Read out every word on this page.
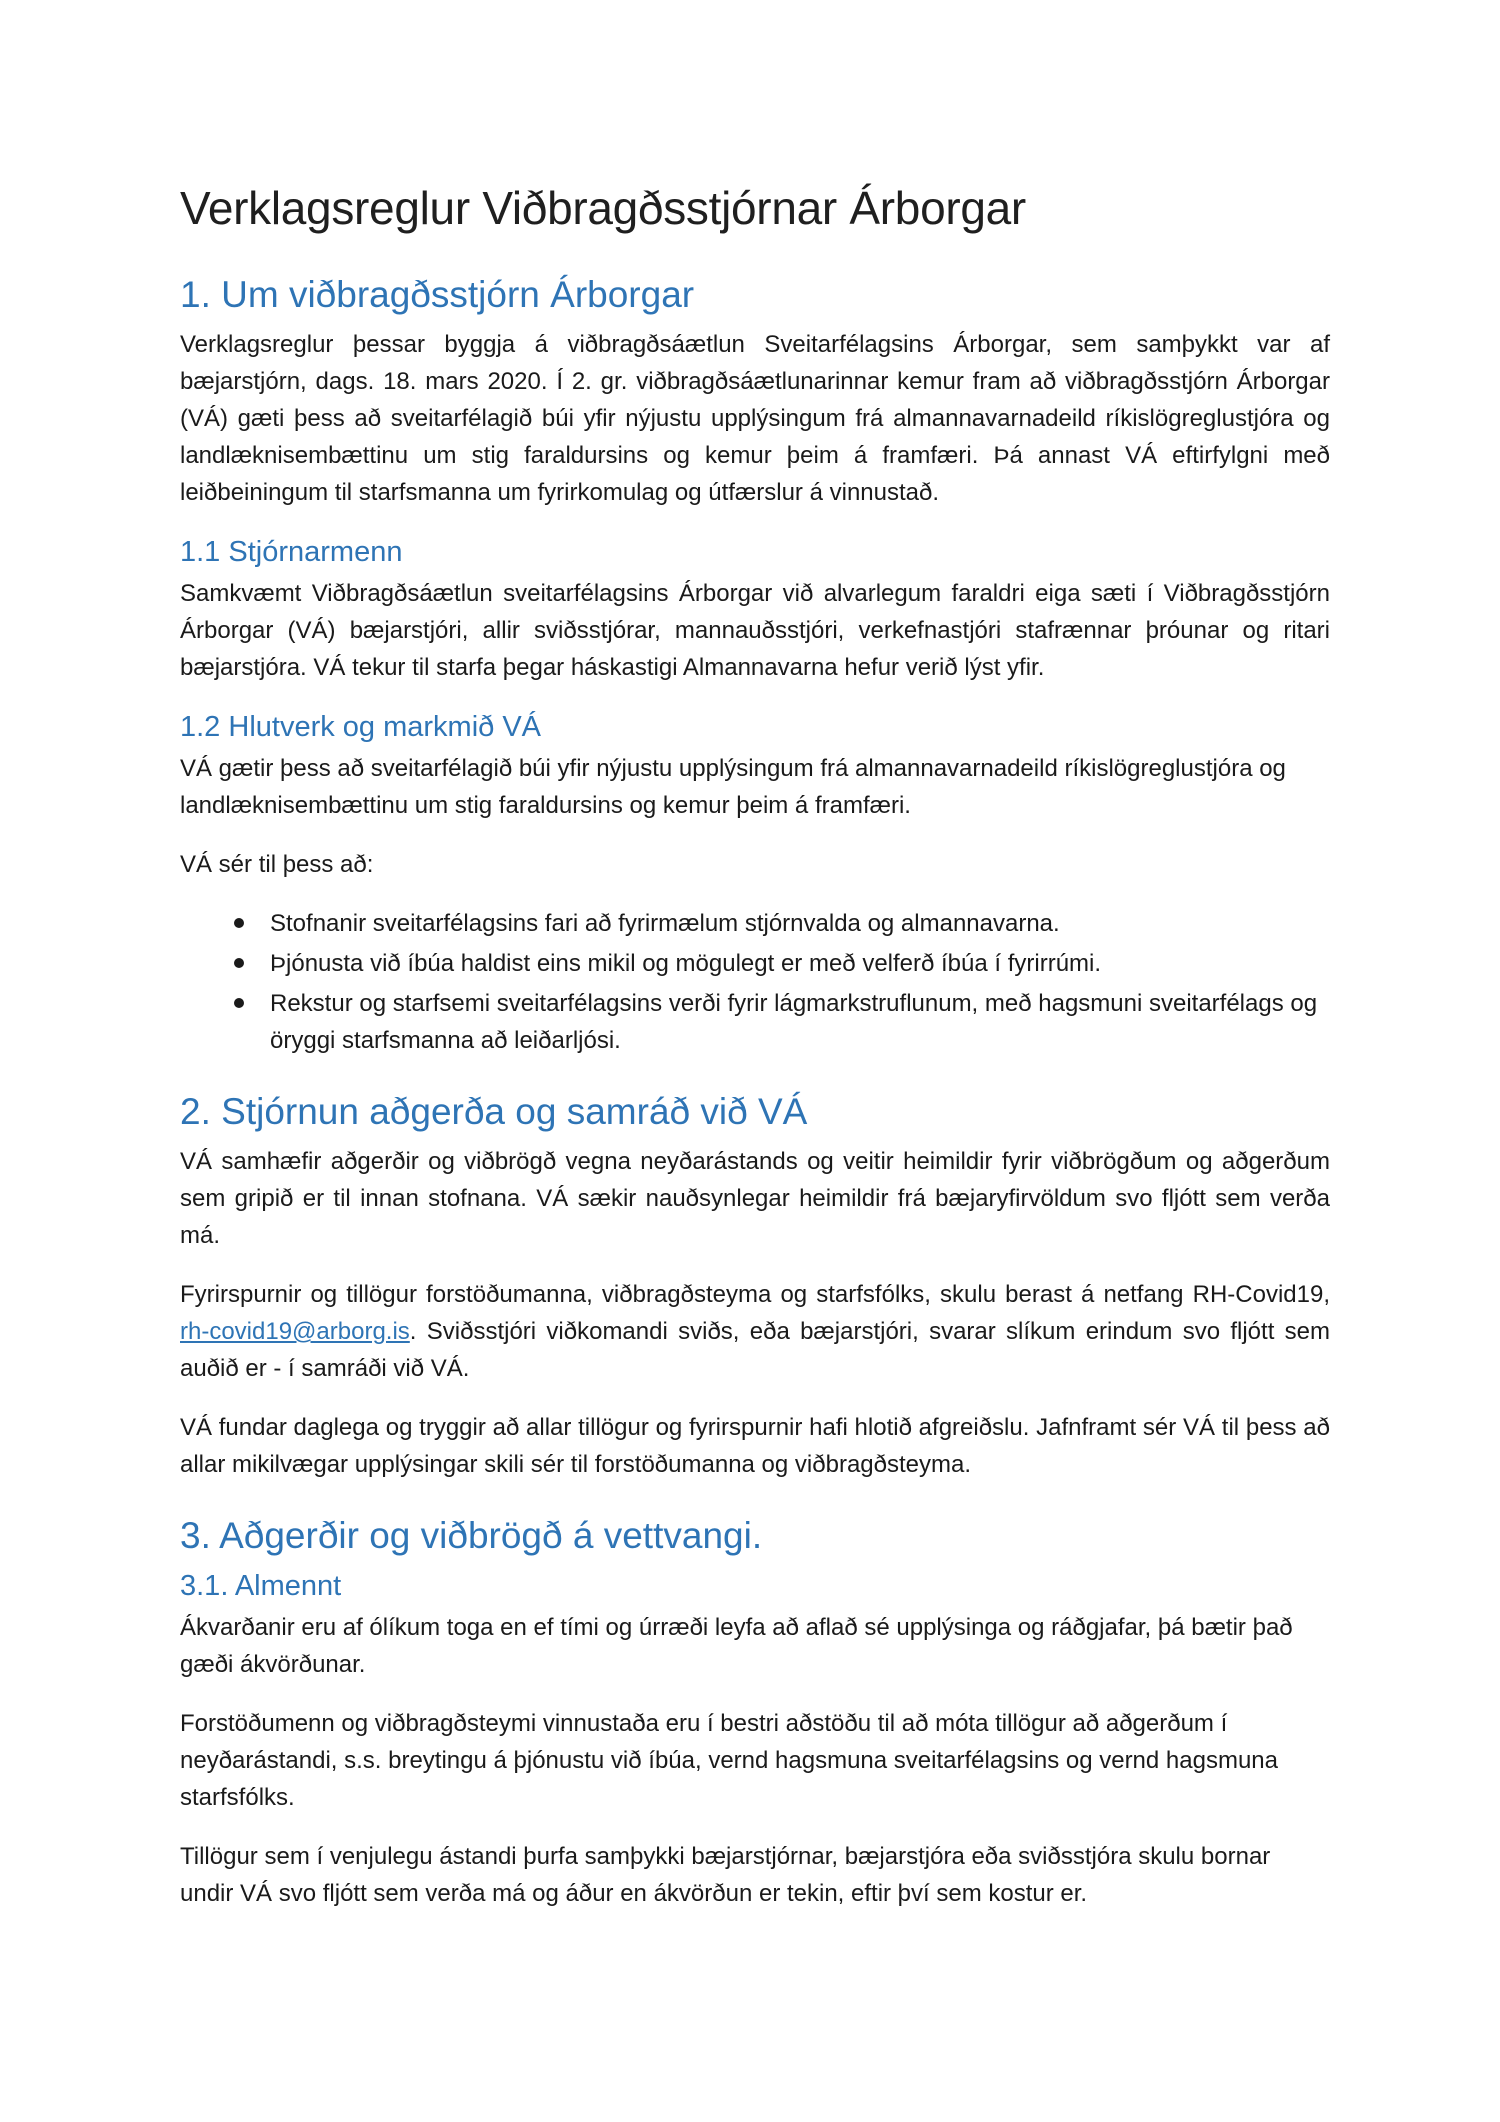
Verklagsreglur Viðbragðsstjórnar Árborgar
1. Um viðbragðsstjórn Árborgar

Verklagsreglur þessar byggja á viðbragðsáætlun Sveitarfélagsins Árborgar, sem samþykkt var af bæjarstjórn, dags. 18. mars 2020. Í 2. gr. viðbragðsáætlunarinnar kemur fram að viðbragðsstjórn Árborgar (VÁ) gæti þess að sveitarfélagið búi yfir nýjustu upplýsingum frá almannavarnadeild ríkislögreglustjóra og landlæknisembættinu um stig faraldursins og kemur þeim á framfæri. Þá annast VÁ eftirfylgni með leiðbeiningum til starfsmanna um fyrirkomulag og útfærslur á vinnustað.

1.1 Stjórnarmenn

Samkvæmt Viðbragðsáætlun sveitarfélagsins Árborgar við alvarlegum faraldri eiga sæti í Viðbragðsstjórn Árborgar (VÁ) bæjarstjóri, allir sviðsstjórar, mannauðsstjóri, verkefnastjóri stafrænnar þróunar og ritari bæjarstjóra. VÁ tekur til starfa þegar háskastigi Almannavarna hefur verið lýst yfir.

1.2 Hlutverk og markmið VÁ

VÁ gætir þess að sveitarfélagið búi yfir nýjustu upplýsingum frá almannavarnadeild ríkislögreglustjóra og landlæknisembættinu um stig faraldursins og kemur þeim á framfæri.

VÁ sér til þess að:

Stofnanir sveitarfélagsins fari að fyrirmælum stjórnvalda og almannavarna.
Þjónusta við íbúa haldist eins mikil og mögulegt er með velferð íbúa í fyrirrúmi.
Rekstur og starfsemi sveitarfélagsins verði fyrir lágmarkstruflunum, með hagsmuni sveitarfélags og öryggi starfsmanna að leiðarljósi.
2. Stjórnun aðgerða og samráð við VÁ

VÁ samhæfir aðgerðir og viðbrögð vegna neyðarástands og veitir heimildir fyrir viðbrögðum og aðgerðum sem gripið er til innan stofnana. VÁ sækir nauðsynlegar heimildir frá bæjaryfirvöldum svo fljótt sem verða má.

Fyrirspurnir og tillögur forstöðumanna, viðbragðsteyma og starfsfólks, skulu berast á netfang RH-Covid19, rh-covid19@arborg.is. Sviðsstjóri viðkomandi sviðs, eða bæjarstjóri, svarar slíkum erindum svo fljótt sem auðið er - í samráði við VÁ.

VÁ fundar daglega og tryggir að allar tillögur og fyrirspurnir hafi hlotið afgreiðslu. Jafnframt sér VÁ til þess að allar mikilvægar upplýsingar skili sér til forstöðumanna og viðbragðsteyma.

3. Aðgerðir og viðbrögð á vettvangi.
3.1. Almennt

Ákvarðanir eru af ólíkum toga en ef tími og úrræði leyfa að aflað sé upplýsinga og ráðgjafar, þá bætir það gæði ákvörðunar.

Forstöðumenn og viðbragðsteymi vinnustaða eru í bestri aðstöðu til að móta tillögur að aðgerðum í neyðarástandi, s.s. breytingu á þjónustu við íbúa, vernd hagsmuna sveitarfélagsins og vernd hagsmuna starfsfólks.

Tillögur sem í venjulegu ástandi þurfa samþykki bæjarstjórnar, bæjarstjóra eða sviðsstjóra skulu bornar undir VÁ svo fljótt sem verða má og áður en ákvörðun er tekin, eftir því sem kostur er.
